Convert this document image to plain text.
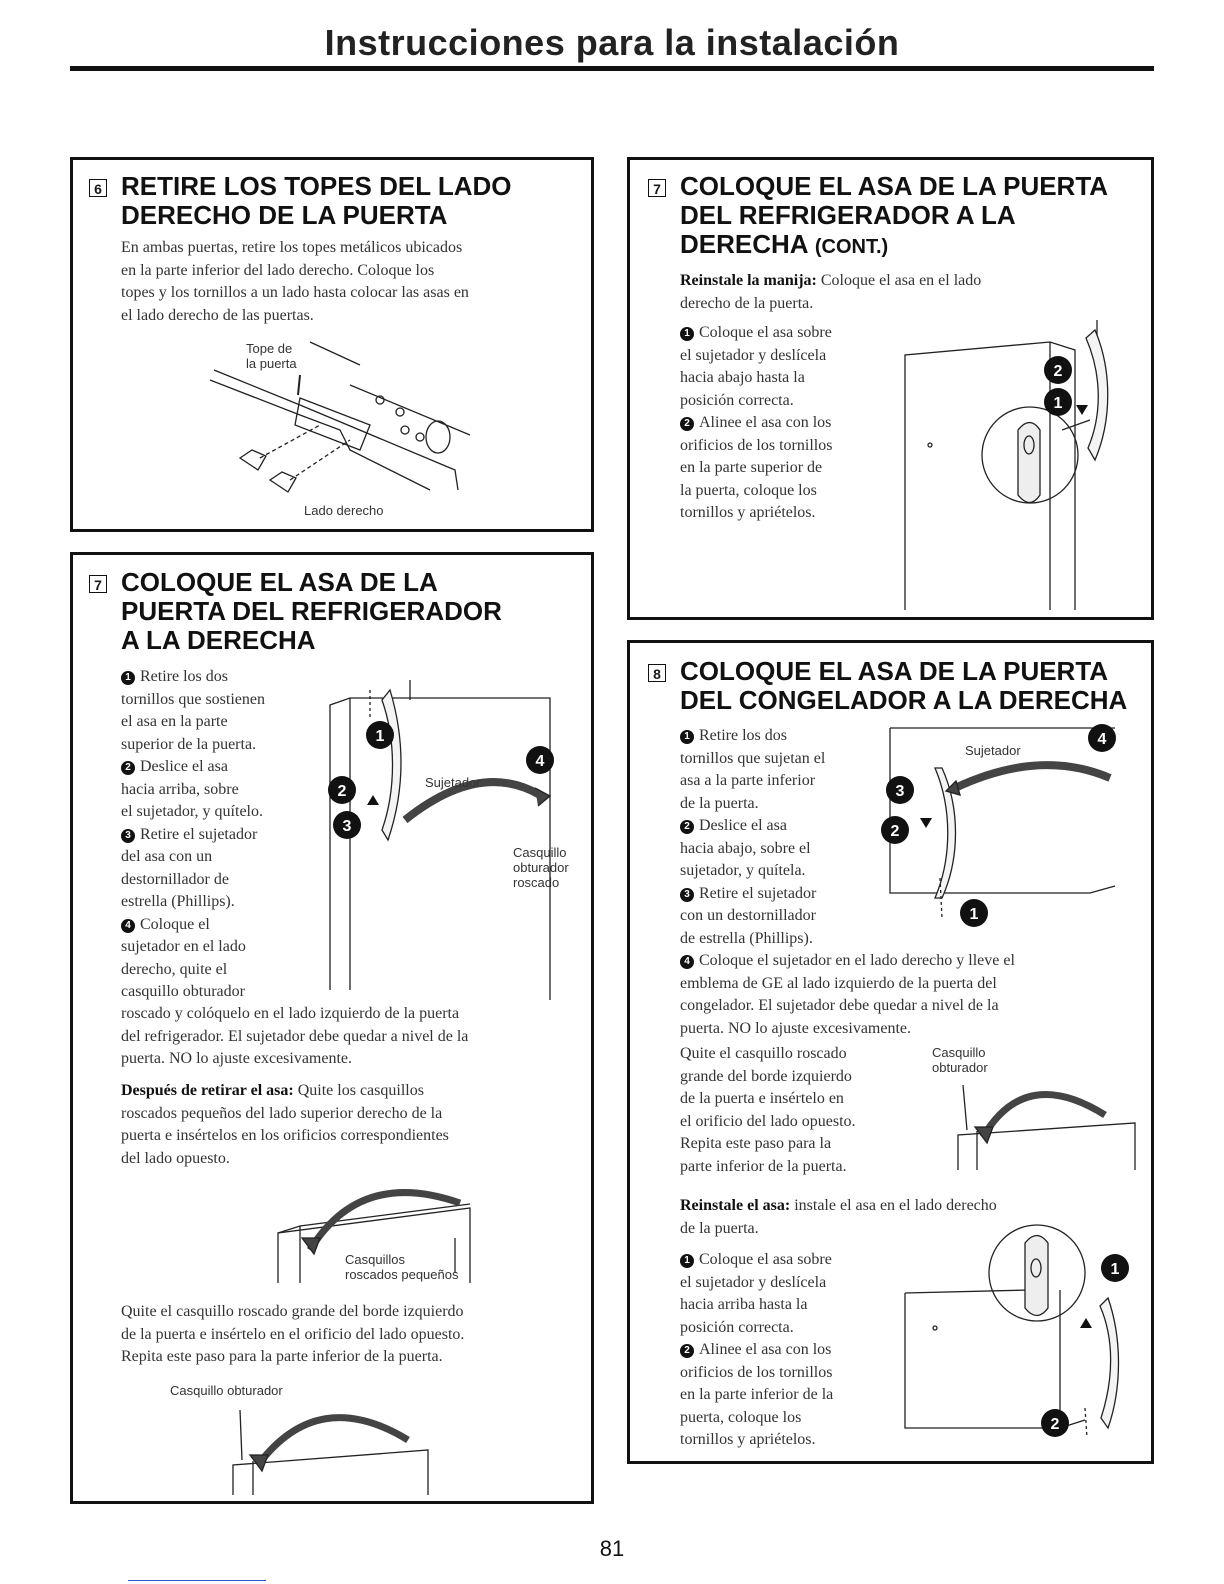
Instrucciones para la instalación
6 RETIRE LOS TOPES DEL LADO
DERECHO DE LA PUERTA
En ambas puertas, retire los topes metálicos ubicados
en la parte inferior del lado derecho. Coloque los
topes y los tornillos a un lado hasta colocar las asas en
el lado derecho de las puertas.
Tope de
la puerta
Lado derecho
7 COLOQUE EL ASA DE LA
PUERTA DEL REFRIGERADOR
A LA DERECHA
1 Retire los dos
tornillos que sostienen
el asa en la parte
superior de la puerta.
2 Deslice el asa
hacia arriba, sobre
el sujetador, y quítelo.
3 Retire el sujetador
del asa con un
destornillador de
estrella (Phillips).
4 Coloque el
sujetador en el lado
derecho, quite el
casquillo obturador
roscado y colóquelo en el lado izquierdo de la puerta
del refrigerador. El sujetador debe quedar a nivel de la
puerta. NO lo ajuste excesivamente.
1
4
2
3
Sujetador
Casquillo
obturador
roscado
Después de retirar el asa: Quite los casquillos
roscados pequeños del lado superior derecho de la
puerta e insértelos en los orificios correspondientes
del lado opuesto.
Casquillos
roscados pequeños
Quite el casquillo roscado grande del borde izquierdo
de la puerta e insértelo en el orificio del lado opuesto.
Repita este paso para la parte inferior de la puerta.
Casquillo obturador
7 COLOQUE EL ASA DE LA PUERTA
DEL REFRIGERADOR A LA
DERECHA (CONT.)
Reinstale la manija: Coloque el asa en el lado
derecho de la puerta.
1 Coloque el asa sobre
el sujetador y deslícela
hacia abajo hasta la
posición correcta.
2 Alinee el asa con los
orificios de los tornillos
en la parte superior de
la puerta, coloque los
tornillos y apriételos.
2
1
8 COLOQUE EL ASA DE LA PUERTA
DEL CONGELADOR A LA DERECHA
1 Retire los dos
tornillos que sujetan el
asa a la parte inferior
de la puerta.
2 Deslice el asa
hacia abajo, sobre el
sujetador, y quítela.
3 Retire el sujetador
con un destornillador
de estrella (Phillips).
4 Coloque el sujetador en el lado derecho y lleve el
emblema de GE al lado izquierdo de la puerta del
congelador. El sujetador debe quedar a nivel de la
puerta. NO lo ajuste excesivamente.
3
2
4
1
Sujetador
Quite el casquillo roscado
grande del borde izquierdo
de la puerta e insértelo en
el orificio del lado opuesto.
Repita este paso para la
parte inferior de la puerta.
Casquillo
obturador
Reinstale el asa: instale el asa en el lado derecho
de la puerta.
1 Coloque el asa sobre
el sujetador y deslícela
hacia arriba hasta la
posición correcta.
2 Alinee el asa con los
orificios de los tornillos
en la parte inferior de la
puerta, coloque los
tornillos y apriételos.
1
2
81
